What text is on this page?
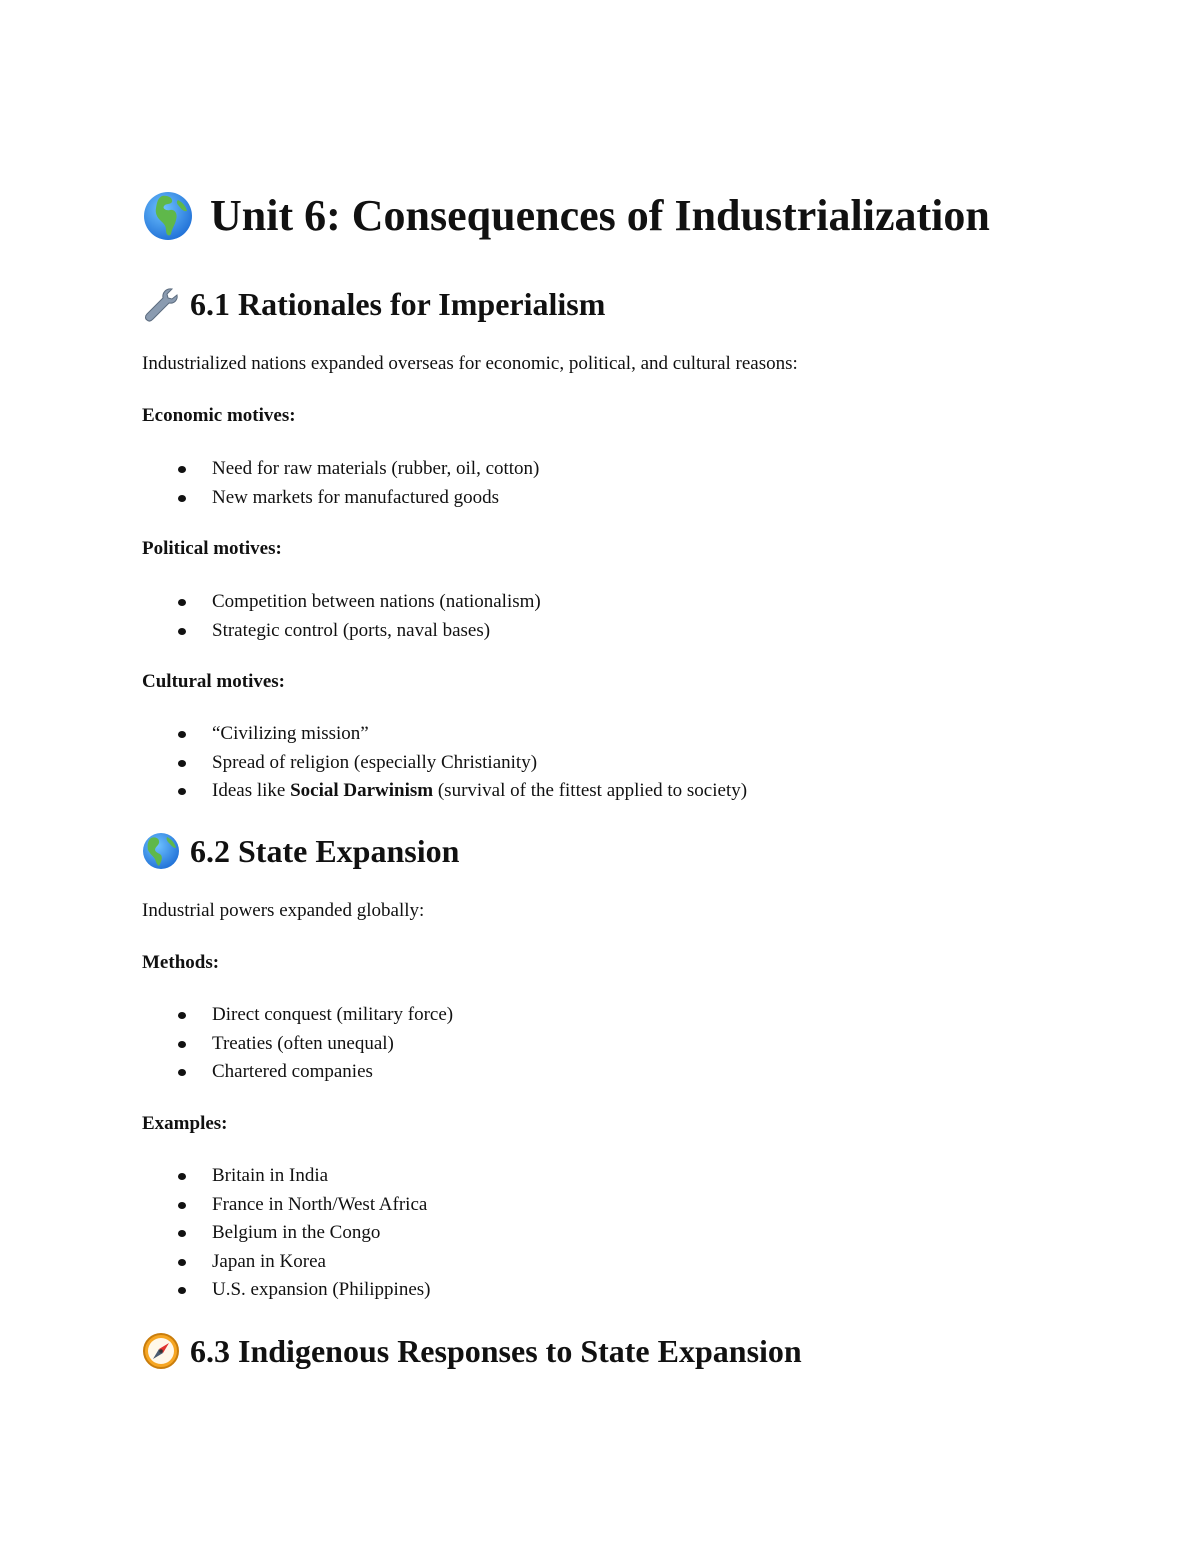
Unit 6: Consequences of Industrialization
6.1 Rationales for Imperialism
Industrialized nations expanded overseas for economic, political, and cultural reasons:
Economic motives:
Need for raw materials (rubber, oil, cotton)
New markets for manufactured goods
Political motives:
Competition between nations (nationalism)
Strategic control (ports, naval bases)
Cultural motives:
“Civilizing mission”
Spread of religion (especially Christianity)
Ideas like Social Darwinism (survival of the fittest applied to society)
6.2 State Expansion
Industrial powers expanded globally:
Methods:
Direct conquest (military force)
Treaties (often unequal)
Chartered companies
Examples:
Britain in India
France in North/West Africa
Belgium in the Congo
Japan in Korea
U.S. expansion (Philippines)
6.3 Indigenous Responses to State Expansion
